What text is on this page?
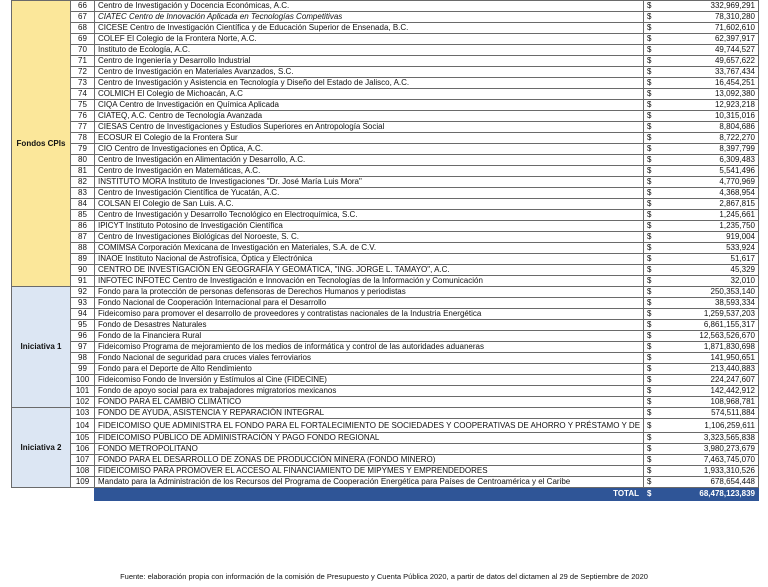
Fondos CPIs	66	Centro de Investigación y Docencia Económicas, A.C.	$	332,969,291
	67	CIATEC Centro de Innovación Aplicada en Tecnologías Competitivas	$	78,310,280
	68	CICESE Centro de Investigación Científica y de Educación Superior de Ensenada, B.C.	$	71,602,610
	69	COLEF El Colegio de la Frontera Norte, A.C.	$	62,397,917
	70	Instituto de Ecología, A.C.	$	49,744,527
	71	Centro de Ingeniería y Desarrollo Industrial	$	49,657,622
	72	Centro de Investigación en Materiales Avanzados, S.C.	$	33,767,434
	73	Centro de Investigación y Asistencia en Tecnología y Diseño del Estado de Jalisco, A.C.	$	16,454,251
	74	COLMICH El Colegio de Michoacán, A.C	$	13,092,380
	75	CIQA Centro de Investigación en Química Aplicada	$	12,923,218
	76	CIATEQ, A.C. Centro de Tecnología Avanzada	$	10,315,016
	77	CIESAS Centro de Investigaciones y Estudios Superiores en Antropología Social	$	8,804,686
	78	ECOSUR El Colegio de la Frontera Sur	$	8,722,270
	79	CIO Centro de Investigaciones en Óptica, A.C.	$	8,397,799
	80	Centro de Investigación en Alimentación y Desarrollo, A.C.	$	6,309,483
	81	Centro de Investigación en Matemáticas, A.C.	$	5,541,496
	82	INSTITUTO MORA Instituto de Investigaciones "Dr. José María Luis Mora"	$	4,770,969
	83	Centro de Investigación Científica de Yucatán, A.C.	$	4,368,954
	84	COLSAN El Colegio de San Luis. A.C.	$	2,867,815
	85	Centro de Investigación y Desarrollo Tecnológico en Electroquímica, S.C.	$	1,245,661
	86	IPICYT Instituto Potosino de Investigación Científica	$	1,235,750
	87	Centro de Investigaciones Biológicas del Noroeste, S. C.	$	919,004
	88	COMIMSA Corporación Mexicana de Investigación en Materiales, S.A. de C.V.	$	533,924
	89	INAOE Instituto Nacional de Astrofísica, Óptica y Electrónica	$	51,617
	90	CENTRO DE INVESTIGACIÓN EN GEOGRAFÍA Y GEOMÁTICA, "ING. JORGE L. TAMAYO", A.C.	$	45,329
	91	INFOTEC INFOTEC Centro de Investigación e Innovación en Tecnologías de la Información y Comunicación	$	32,010
Iniciativa 1	92	Fondo para la protección de personas defensoras de Derechos Humanos y periodistas	$	250,353,140
	93	Fondo Nacional de Cooperación Internacional para el Desarrollo	$	38,593,334
	94	Fideicomiso para promover el desarrollo de proveedores y contratistas nacionales de la Industria Energética	$	1,259,537,203
	95	Fondo de Desastres Naturales	$	6,861,155,317
	96	Fondo de la Financiera Rural	$	12,563,526,670
	97	Fideicomiso Programa de mejoramiento de los medios de informática y control de las autoridades aduaneras	$	1,871,830,698
	98	Fondo Nacional de seguridad para cruces viales ferroviarios	$	141,950,651
	99	Fondo para el Deporte de Alto Rendimiento	$	213,440,883
	100	Fideicomiso Fondo de Inversión y Estímulos al Cine (FIDECINE)	$	224,247,607
	101	Fondo de apoyo social para ex trabajadores migratorios mexicanos	$	142,442,912
	102	FONDO PARA EL CAMBIO CLIMÁTICO	$	108,968,781
Iniciativa 2	103	FONDO DE AYUDA, ASISTENCIA Y REPARACIÓN INTEGRAL	$	574,511,884
	104	FIDEICOMISO QUE ADMINISTRA EL FONDO PARA EL FORTALECIMIENTO DE SOCIEDADES Y COOPERATIVAS DE AHORRO Y PRÉSTAMO Y DE	$	1,106,259,611
	105	FIDEICOMISO PÚBLICO DE ADMINISTRACIÓN Y PAGO FONDO REGIONAL	$	3,323,565,838
	106	FONDO METROPOLITANO	$	3,980,273,679
	107	FONDO PARA EL DESARROLLO DE ZONAS DE PRODUCCIÓN MINERA (FONDO MINERO)	$	7,463,745,070
	108	FIDEICOMISO PARA PROMOVER EL ACCESO AL FINANCIAMIENTO DE MIPYMES Y EMPRENDEDORES	$	1,933,310,526
	109	Mandato para la Administración de los Recursos del Programa de Cooperación Energética para Países de Centroamérica y el Caribe	$	678,654,448
		TOTAL	$	68,478,123,839
Fuente: elaboración propia con información de la comisión de Presupuesto y Cuenta Pública 2020, a partir de datos del dictamen al 29 de Septiembre de 2020
